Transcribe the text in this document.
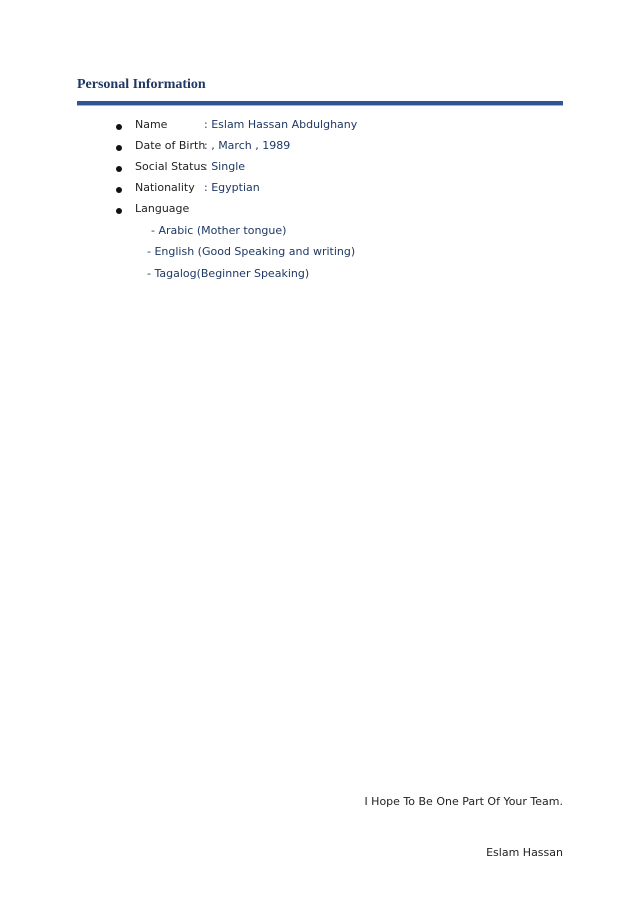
Personal Information
Name	: Eslam Hassan Abdulghany
Date of Birth
: , March , 1989
Social Status
: Single
Nationality : Egyptian
Language
- Arabic (Mother tongue)
- English (Good Speaking and writing)
- Tagalog(Beginner Speaking)
I Hope To Be One Part Of Your Team.
Eslam Hassan
